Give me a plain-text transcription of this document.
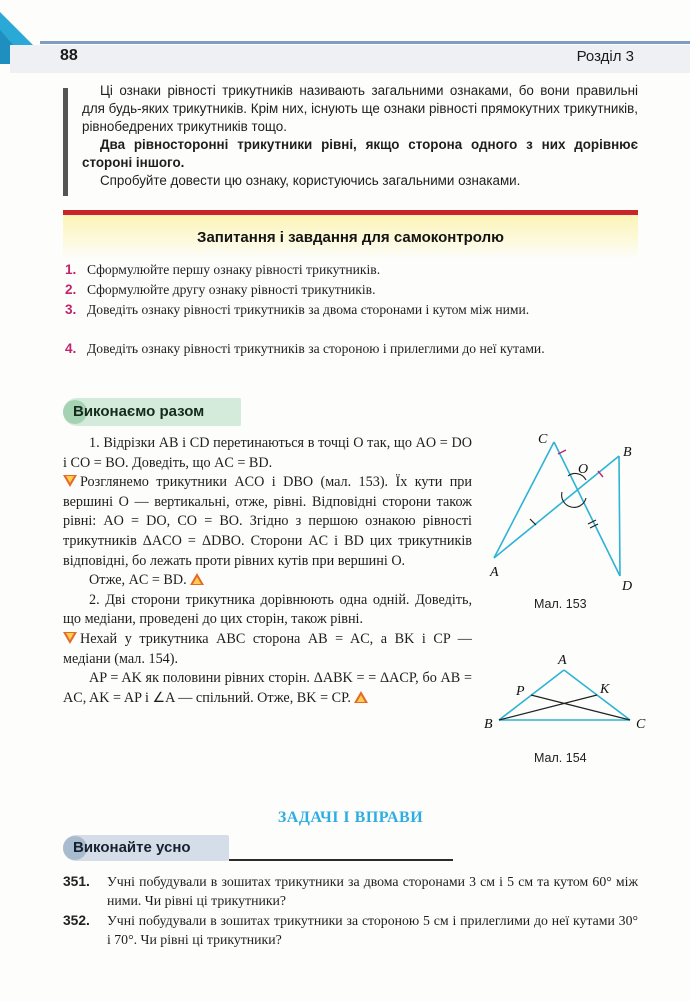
88	Розділ 3

Ці ознаки рівності трикутників називають загальними ознаками, бо вони правильні для будь-яких трикутників. Крім них, існують ще ознаки рівності прямокутних трикутників, рівнобедрених трикутників тощо.

Два рівносторонні трикутники рівні, якщо сторона одного з них дорівнює стороні іншого.

Спробуйте довести цю ознаку, користуючись загальними ознаками.

Запитання і завдання для самоконтролю
1. Сформулюйте першу ознаку рівності трикутників.
2. Сформулюйте другу ознаку рівності трикутників.
3. Доведіть ознаку рівності трикутників за двома сторонами і кутом між ними.
4. Доведіть ознаку рівності трикутників за стороною і прилеглими до неї кутами.
Виконаємо разом

1. Відрізки AB і CD перетинаються в точці O так, що AO = DO і CO = BO. Доведіть, що AC = BD.

Розглянемо трикутники ACO і DBO (мал. 153). Їх кути при вершині O — вертикальні, отже, рівні. Відповідні сторони також рівні: AO = DO, CO = BO. Згідно з першою ознакою рівності трикутників ΔACO = ΔDBO. Сторони AC і BD цих трикутників відповідні, бо лежать проти рівних кутів при вершині O.

Отже, AC = BD.

2. Дві сторони трикутника дорівнюють одна одній. Доведіть, що медіани, проведені до цих сторін, також рівні.

Нехай у трикутника ABC сторона AB = AC, а BK і CP — медіани (мал. 154).

AP = AK як половини рівних сторін. ΔABK = = ΔACP, бо AB = AC, AK = AP і ∠A — спільний. Отже, BK = CP.

C
O
B
A
D
Мал. 153
A
P	K
B	C
Мал. 154
ЗАДАЧІ І ВПРАВИ
Виконайте усно
351. Учні побудували в зошитах трикутники за двома сторонами 3 см і 5 см та кутом 60° між ними. Чи рівні ці трикутники?
352. Учні побудували в зошитах трикутники за стороною 5 см і прилеглими до неї кутами 30° і 70°. Чи рівні ці трикутники?
